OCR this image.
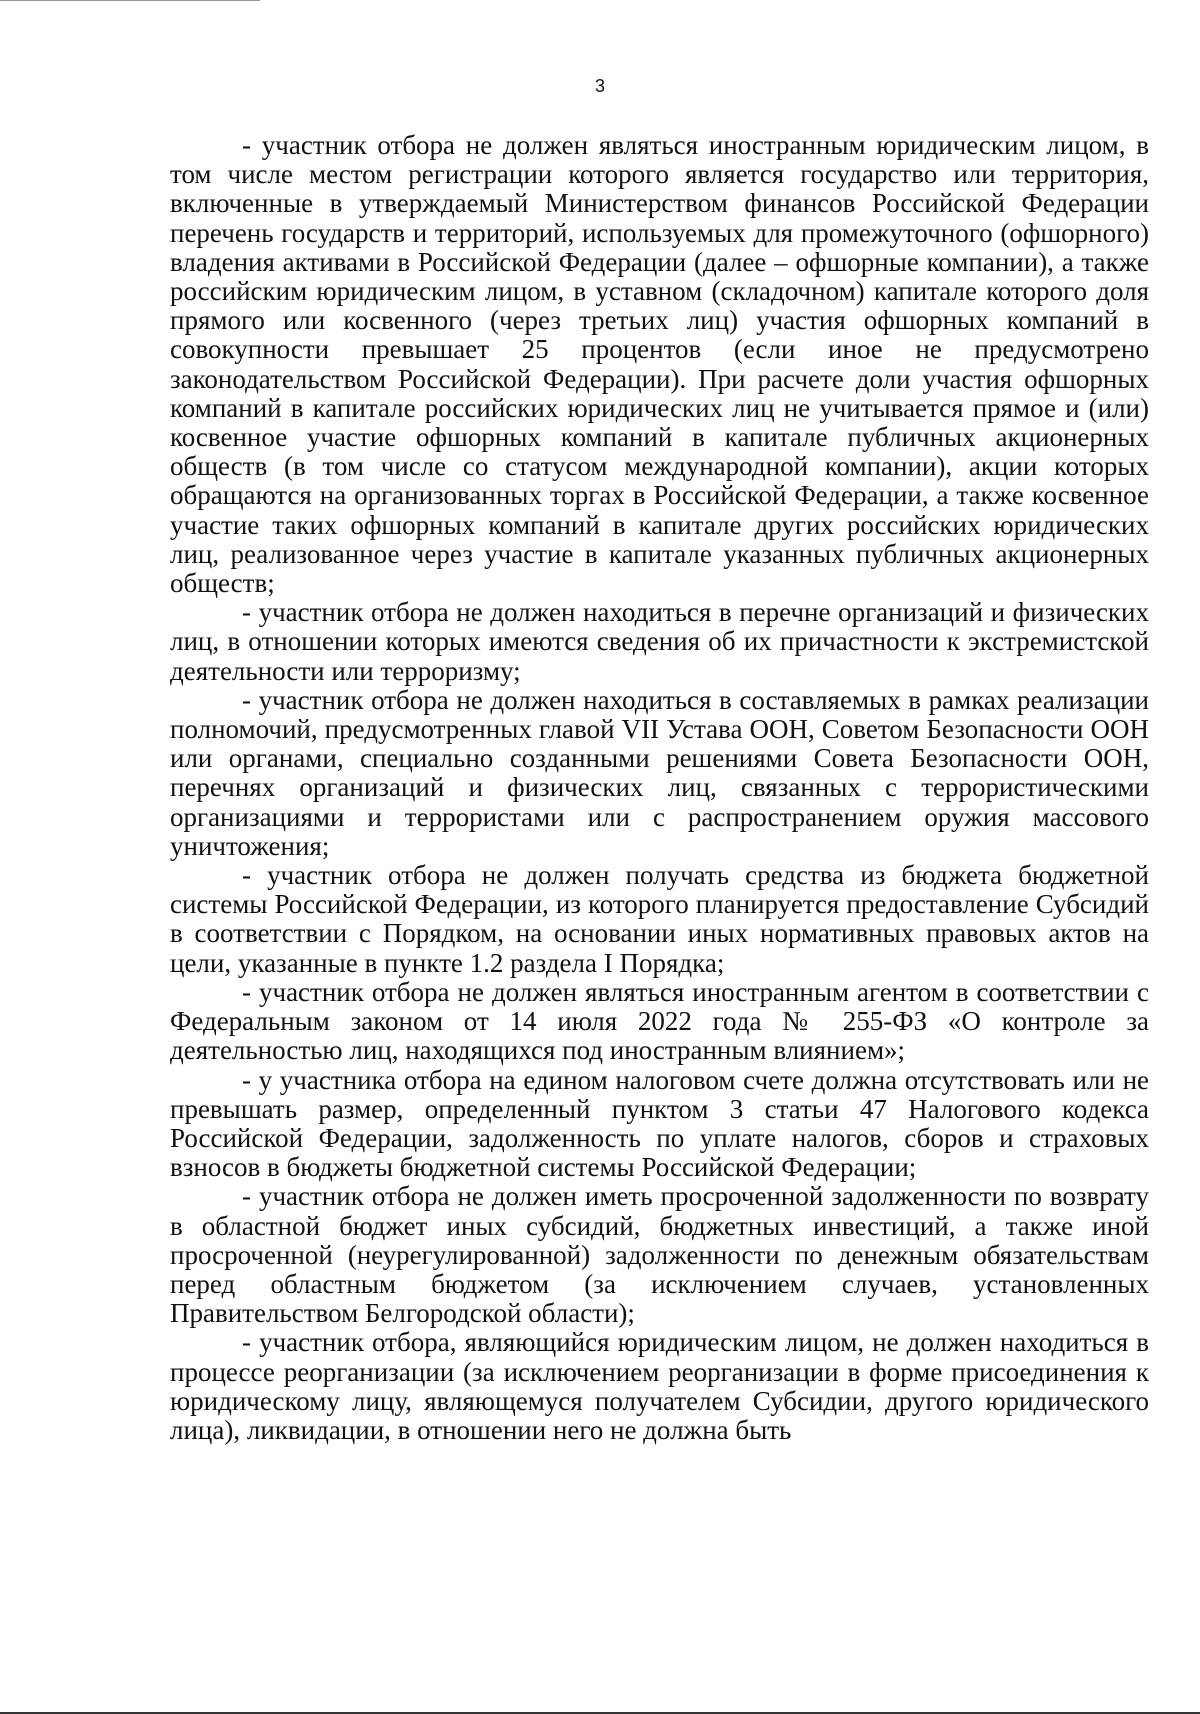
3

- участник отбора не должен являться иностранным юридическим лицом, в том числе местом регистрации которого является государство или территория, включенные в утверждаемый Министерством финансов Российской Федерации перечень государств и территорий, используемых для промежуточного (офшорного) владения активами в Российской Федерации (далее – офшорные компании), а также российским юридическим лицом, в уставном (складочном) капитале которого доля прямого или косвенного (через третьих лиц) участия офшорных компаний в совокупности превышает 25 процентов (если иное не предусмотрено законодательством Российской Федерации). При расчете доли участия офшорных компаний в капитале российских юридических лиц не учитывается прямое и (или) косвенное участие офшорных компаний в капитале публичных акционерных обществ (в том числе со статусом международной компании), акции которых обращаются на организованных торгах в Российской Федерации, а также косвенное участие таких офшорных компаний в капитале других российских юридических лиц, реализованное через участие в капитале указанных публичных акционерных обществ;

- участник отбора не должен находиться в перечне организаций и физических лиц, в отношении которых имеются сведения об их причастности к экстремистской деятельности или терроризму;

- участник отбора не должен находиться в составляемых в рамках реализации полномочий, предусмотренных главой VII Устава ООН, Советом Безопасности ООН или органами, специально созданными решениями Совета Безопасности ООН, перечнях организаций и физических лиц, связанных с террористическими организациями и террористами или с распространением оружия массового уничтожения;

- участник отбора не должен получать средства из бюджета бюджетной системы Российской Федерации, из которого планируется предоставление Субсидий в соответствии с Порядком, на основании иных нормативных правовых актов на цели, указанные в пункте 1.2 раздела I Порядка;

- участник отбора не должен являться иностранным агентом в соответствии с Федеральным законом от 14 июля 2022 года № 255-ФЗ «О контроле за деятельностью лиц, находящихся под иностранным влиянием»;

- у участника отбора на едином налоговом счете должна отсутствовать или не превышать размер, определенный пунктом 3 статьи 47 Налогового кодекса Российской Федерации, задолженность по уплате налогов, сборов и страховых взносов в бюджеты бюджетной системы Российской Федерации;

- участник отбора не должен иметь просроченной задолженности по возврату в областной бюджет иных субсидий, бюджетных инвестиций, а также иной просроченной (неурегулированной) задолженности по денежным обязательствам перед областным бюджетом (за исключением случаев, установленных Правительством Белгородской области);

- участник отбора, являющийся юридическим лицом, не должен находиться в процессе реорганизации (за исключением реорганизации в форме присоединения к юридическому лицу, являющемуся получателем Субсидии, другого юридического лица), ликвидации, в отношении него не должна быть
